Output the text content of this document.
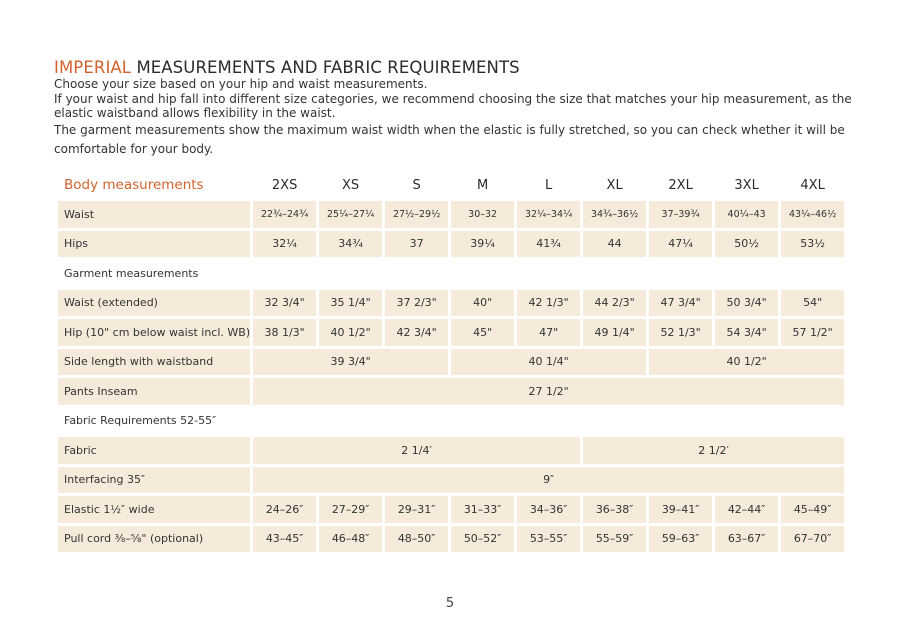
IMPERIAL MEASUREMENTS AND FABRIC REQUIREMENTS

Choose your size based on your hip and waist measurements.

If your waist and hip fall into different size categories, we recommend choosing the size that matches your hip measurement, as the elastic waistband allows flexibility in the waist.

The garment measurements show the maximum waist width when the elastic is fully stretched, so you can check whether it will be comfortable for your body.

Body measurements	2XS	XS	S	M	L	XL	2XL	3XL	4XL
Waist	22¾–24¾	25¼–27¼	27½–29½	30–32	32¼–34¼	34¾–36½	37–39¾	40¼–43	43¼–46½
Hips	32¼	34¾	37	39¼	41¾	44	47¼	50½	53½
Garment measurements									
Waist (extended)	32 3/4"	35 1/4"	37 2/3"	40"	42 1/3"	44 2/3"	47 3/4"	50 3/4"	54"
Hip (10" cm below waist incl. WB)	38 1/3"	40 1/2"	42 3/4"	45"	47"	49 1/4"	52 1/3"	54 3/4"	57 1/2"
Side length with waistband	39 3/4"			40 1/4"			40 1/2"		
Pants Inseam	27 1/2"								
Fabric Requirements 52-55″									
Fabric	2 1/4′					2 1/2′			
Interfacing 35″	9″								
Elastic 1½″ wide	24–26″	27–29″	29–31″	31–33″	34–36″	36–38″	39–41″	42–44″	45–49″
Pull cord ⅜–⅝" (optional)	43–45″	46–48″	48–50″	50–52″	53–55″	55–59″	59–63″	63–67″	67–70″
5
